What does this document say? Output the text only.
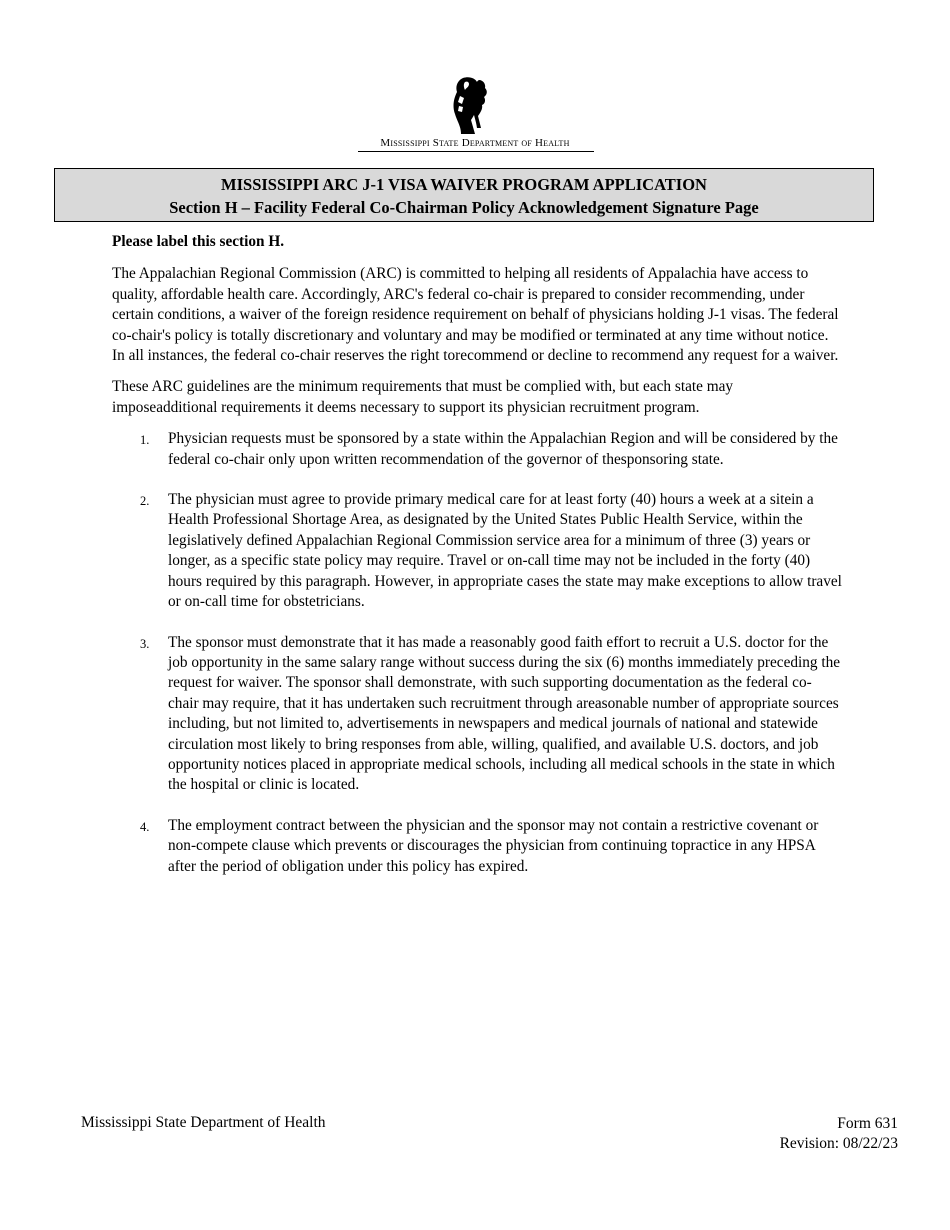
Mississippi State Department of Health
MISSISSIPPI ARC J-1 VISA WAIVER PROGRAM APPLICATION
Section H – Facility Federal Co-Chairman Policy Acknowledgement Signature Page
Please label this section H.

The Appalachian Regional Commission (ARC) is committed to helping all residents of Appalachia have access to quality, affordable health care. Accordingly, ARC's federal co-chair is prepared to consider recommending, under certain conditions, a waiver of the foreign residence requirement on behalf of physicians holding J-1 visas. The federal co-chair's policy is totally discretionary and voluntary and may be modified or terminated at any time without notice. In all instances, the federal co-chair reserves the right torecommend or decline to recommend any request for a waiver.

These ARC guidelines are the minimum requirements that must be complied with, but each state may imposeadditional requirements it deems necessary to support its physician recruitment program.

1. Physician requests must be sponsored by a state within the Appalachian Region and will be considered by the federal co-chair only upon written recommendation of the governor of thesponsoring state.
2. The physician must agree to provide primary medical care for at least forty (40) hours a week at a sitein a Health Professional Shortage Area, as designated by the United States Public Health Service, within the legislatively defined Appalachian Regional Commission service area for a minimum of three (3) years or longer, as a specific state policy may require. Travel or on-call time may not be included in the forty (40) hours required by this paragraph. However, in appropriate cases the state may make exceptions to allow travel or on-call time for obstetricians.
3. The sponsor must demonstrate that it has made a reasonably good faith effort to recruit a U.S. doctor for the job opportunity in the same salary range without success during the six (6) months immediately preceding the request for waiver. The sponsor shall demonstrate, with such supporting documentation as the federal co-chair may require, that it has undertaken such recruitment through areasonable number of appropriate sources including, but not limited to, advertisements in newspapers and medical journals of national and statewide circulation most likely to bring responses from able, willing, qualified, and available U.S. doctors, and job opportunity notices placed in appropriate medical schools, including all medical schools in the state in which the hospital or clinic is located.
4. The employment contract between the physician and the sponsor may not contain a restrictive covenant or non-compete clause which prevents or discourages the physician from continuing topractice in any HPSA after the period of obligation under this policy has expired.
Mississippi State Department of Health	Form 631
Revision: 08/22/23
